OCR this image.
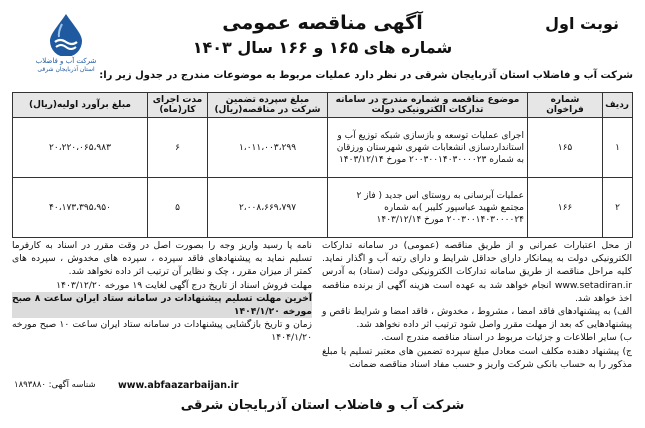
نوبت اول
آگهی مناقصه عمومی
شماره های ۱۶۵ و ۱۶۶ سال ۱۴۰۳
شرکت آب و فاضلاب
استان آذربایجان شرقی
شرکت آب و فاضلاب استان آذربایجان شرقی در نظر دارد عملیات مربوط به موضوعات مندرج در جدول زیر را:
ردیف	شماره فراخوان	موضوع مناقصه و شماره مندرج در سامانه تدارکات الکترونیکی دولت	مبلغ سپرده تضمین شرکت در مناقصه(ریال)	مدت اجرای کار(ماه)	مبلغ برآورد اولیه(ریال)
۱	۱۶۵	اجرای عملیات توسعه و بازسازی شبکه توزیع آب و استانداردسازی انشعابات شهری شهرستان ورزقان به شماره ۲۰۰۳۰۰۱۴۰۳۰۰۰۰۲۳ مورخ ۱۴۰۳/۱۲/۱۴	۱،۰۱۱،۰۰۳،۲۹۹	۶	۲۰،۲۲۰،۰۶۵،۹۸۳
۲	۱۶۶	عملیات آبرسانی به روستای اس جدید ( فاز ۲ مجتمع شهید عباسپور کلیبر )به شماره ۲۰۰۳۰۰۱۴۰۳۰۰۰۰۲۴ مورخ ۱۴۰۳/۱۲/۱۴	۲،۰۰۸،۶۶۹،۷۹۷	۵	۴۰،۱۷۳،۳۹۵،۹۵۰

از محل اعتبارات عمرانی و از طریق مناقصه (عمومی) در سامانه تدارکات الکترونیکی دولت به پیمانکار دارای حداقل شرایط و دارای رتبه آب و اگذار نماید. کلیه مراحل مناقصه از طریق سامانه تدارکات الکترونیکی دولت (ستاد) به آدرس www.setadiran.ir انجام خواهد شد به عهده است هزینه آگهی از برنده مناقصه اخذ خواهد شد.

الف) به پیشنهادهای فاقد امضا ، مشروط ، مخدوش ، فاقد امضا و شرایط ناقص و پیشنهادهایی که بعد از مهلت مقرر واصل شود ترتیب اثر داده نخواهد شد.

ب) سایر اطلاعات و جزئیات مربوط در اسناد مناقصه مندرج است.

ج) پیشنهاد دهنده مکلف است معادل مبلغ سپرده تضمین های معتبر تسلیم یا مبلغ مذکور را به حساب بانکی شرکت واریز و حسب مفاد اسناد مناقصه ضمانت

نامه یا رسید واریز وجه را بصورت اصل در وقت مقرر در اسناد به کارفرما تسلیم نماید به پیشنهادهای فاقد سپرده ، سپرده های مخدوش ، سپرده های کمتر از میزان مقرر ، چک و نظایر آن ترتیب اثر داده نخواهد شد.

مهلت فروش اسناد از تاریخ درج آگهی لغایت ۱۹ مورخه ۱۴۰۳/۱۲/۲۰

آخرین مهلت تسلیم پیشنهادات در سامانه ستاد ایران ساعت ۸ صبح مورخه ۱۴۰۴/۱/۲۰

زمان و تاریخ بازگشایی پیشنهادات در سامانه ستاد ایران ساعت ۱۰ صبح مورخه ۱۴۰۴/۱/۲۰

www.abfaazarbaijan.ir
شناسه آگهی: ۱۸۹۳۸۸۰
شرکت آب و فاضلاب استان آذربایجان شرقی
